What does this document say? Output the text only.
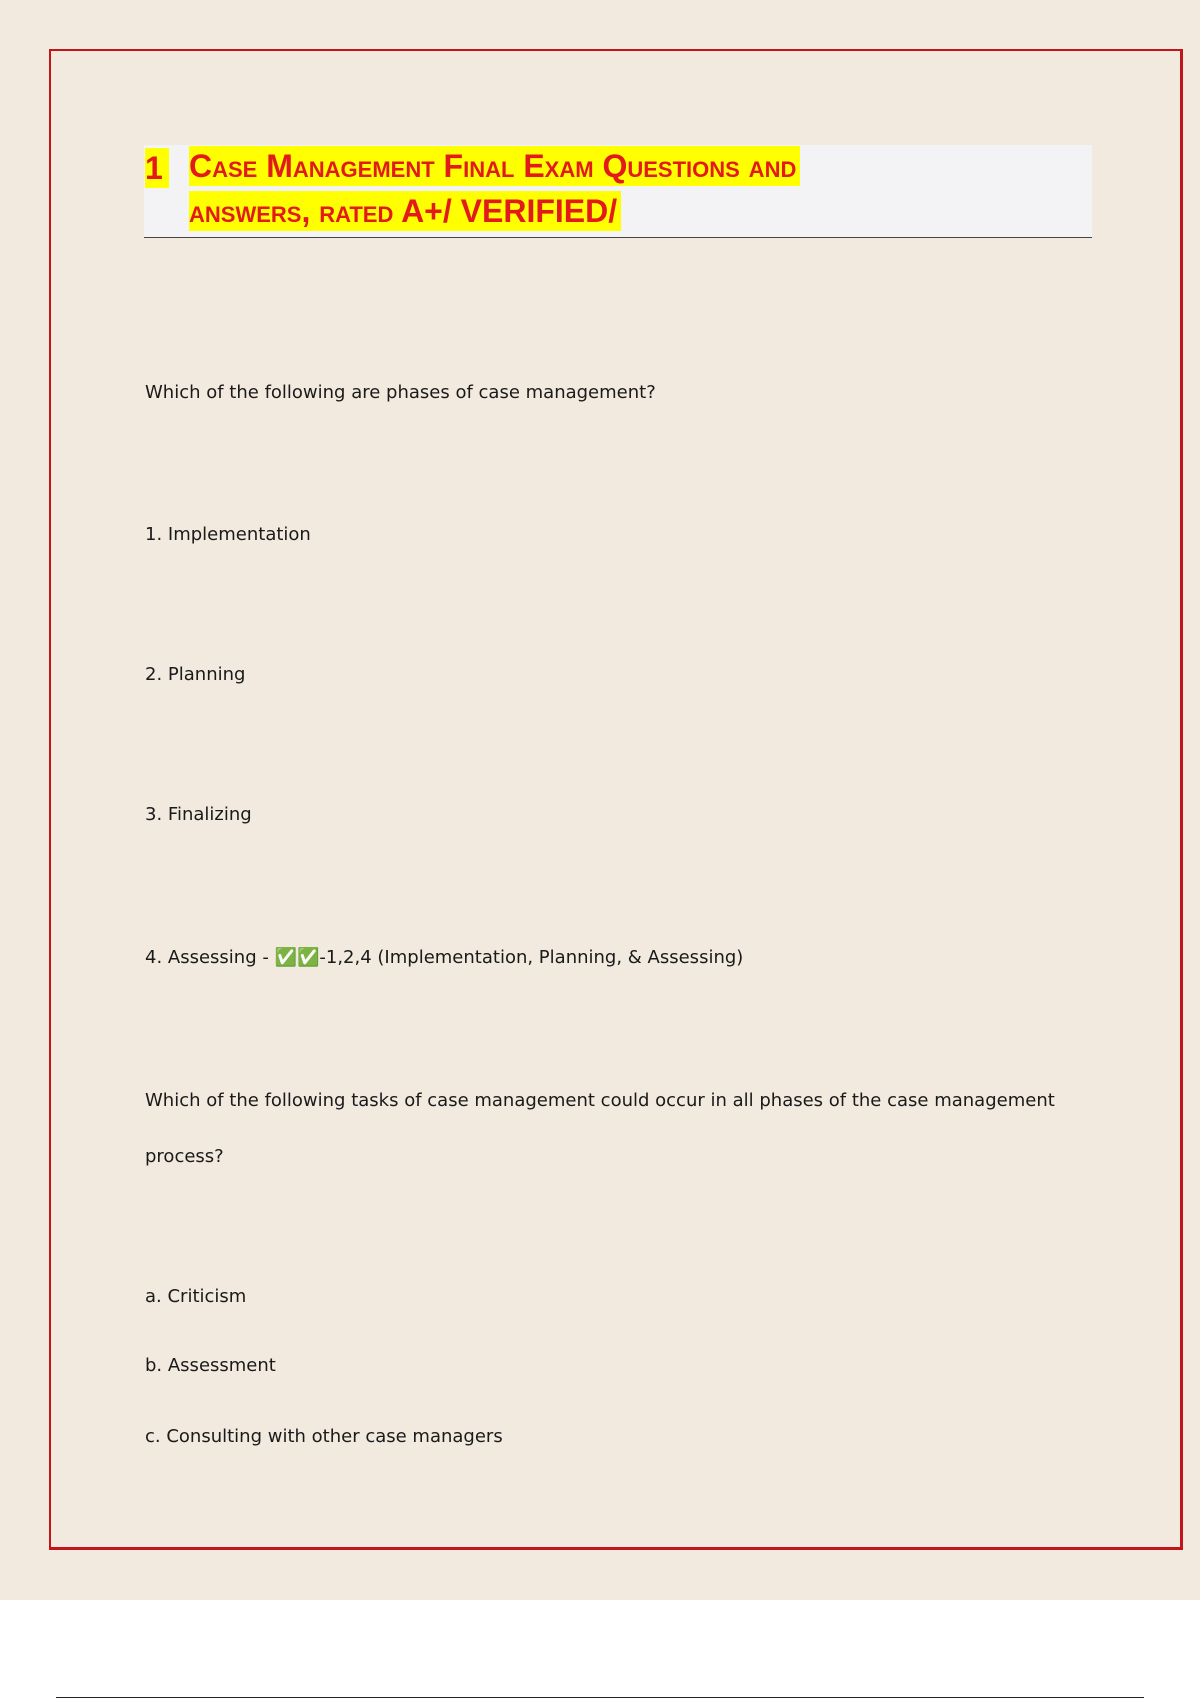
1 Case Management Final Exam Questions and
answers, rated A+/ VERIFIED/
Which of the following are phases of case management?
1. Implementation
2. Planning
3. Finalizing
4. Assessing - ✅✅-1,2,4 (Implementation, Planning, & Assessing)
Which of the following tasks of case management could occur in all phases of the case management
process?
a. Criticism
b. Assessment
c. Consulting with other case managers
